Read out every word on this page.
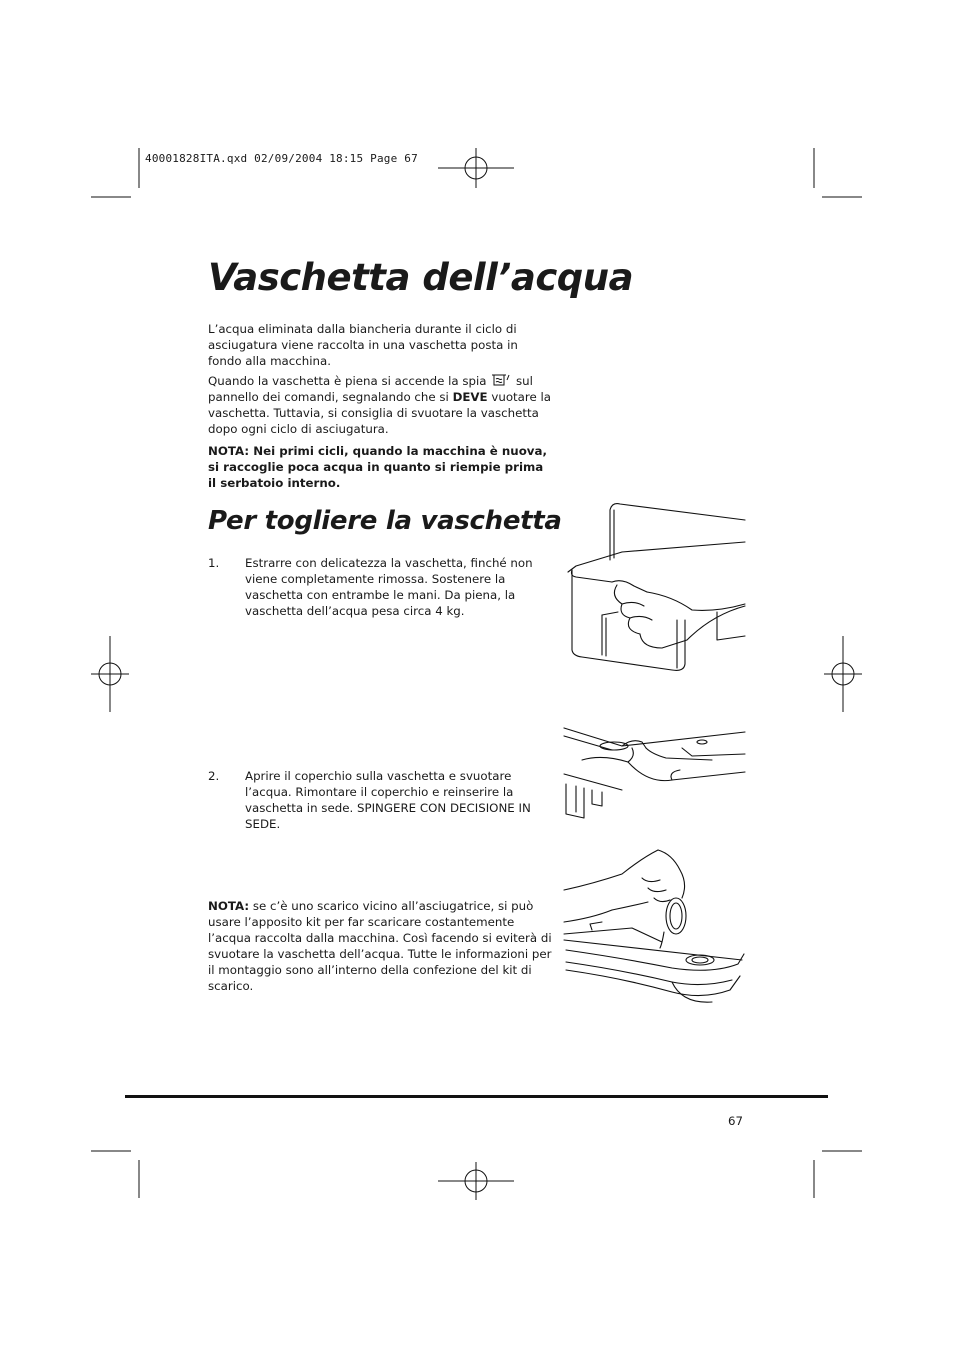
40001828ITA.qxd 02/09/2004 18:15 Page 67
Vaschetta dell’acqua
L’acqua eliminata dalla biancheria durante il ciclo di asciugatura viene raccolta in una vaschetta posta in fondo alla macchina.
Quando la vaschetta è piena si accende la spia  sul pannello dei comandi, segnalando che si DEVE vuotare la vaschetta. Tuttavia, si consiglia di svuotare la vaschetta dopo ogni ciclo di asciugatura.
NOTA: Nei primi cicli, quando la macchina è nuova, si raccoglie poca acqua in quanto si riempie prima il serbatoio interno.
Per togliere la vaschetta
1. Estrarre con delicatezza la vaschetta, finché non viene completamente rimossa. Sostenere la vaschetta con entrambe le mani. Da piena, la vaschetta dell’acqua pesa circa 4 kg.
2. Aprire il coperchio sulla vaschetta e svuotare l’acqua. Rimontare il coperchio e reinserire la vaschetta in sede. SPINGERE CON DECISIONE IN SEDE.
NOTA: se c’è uno scarico vicino all’asciugatrice, si può usare l’apposito kit per far scaricare costantemente l’acqua raccolta dalla macchina. Così facendo si eviterà di svuotare la vaschetta dell’acqua. Tutte le informazioni per il montaggio sono all’interno della confezione del kit di scarico.
67
